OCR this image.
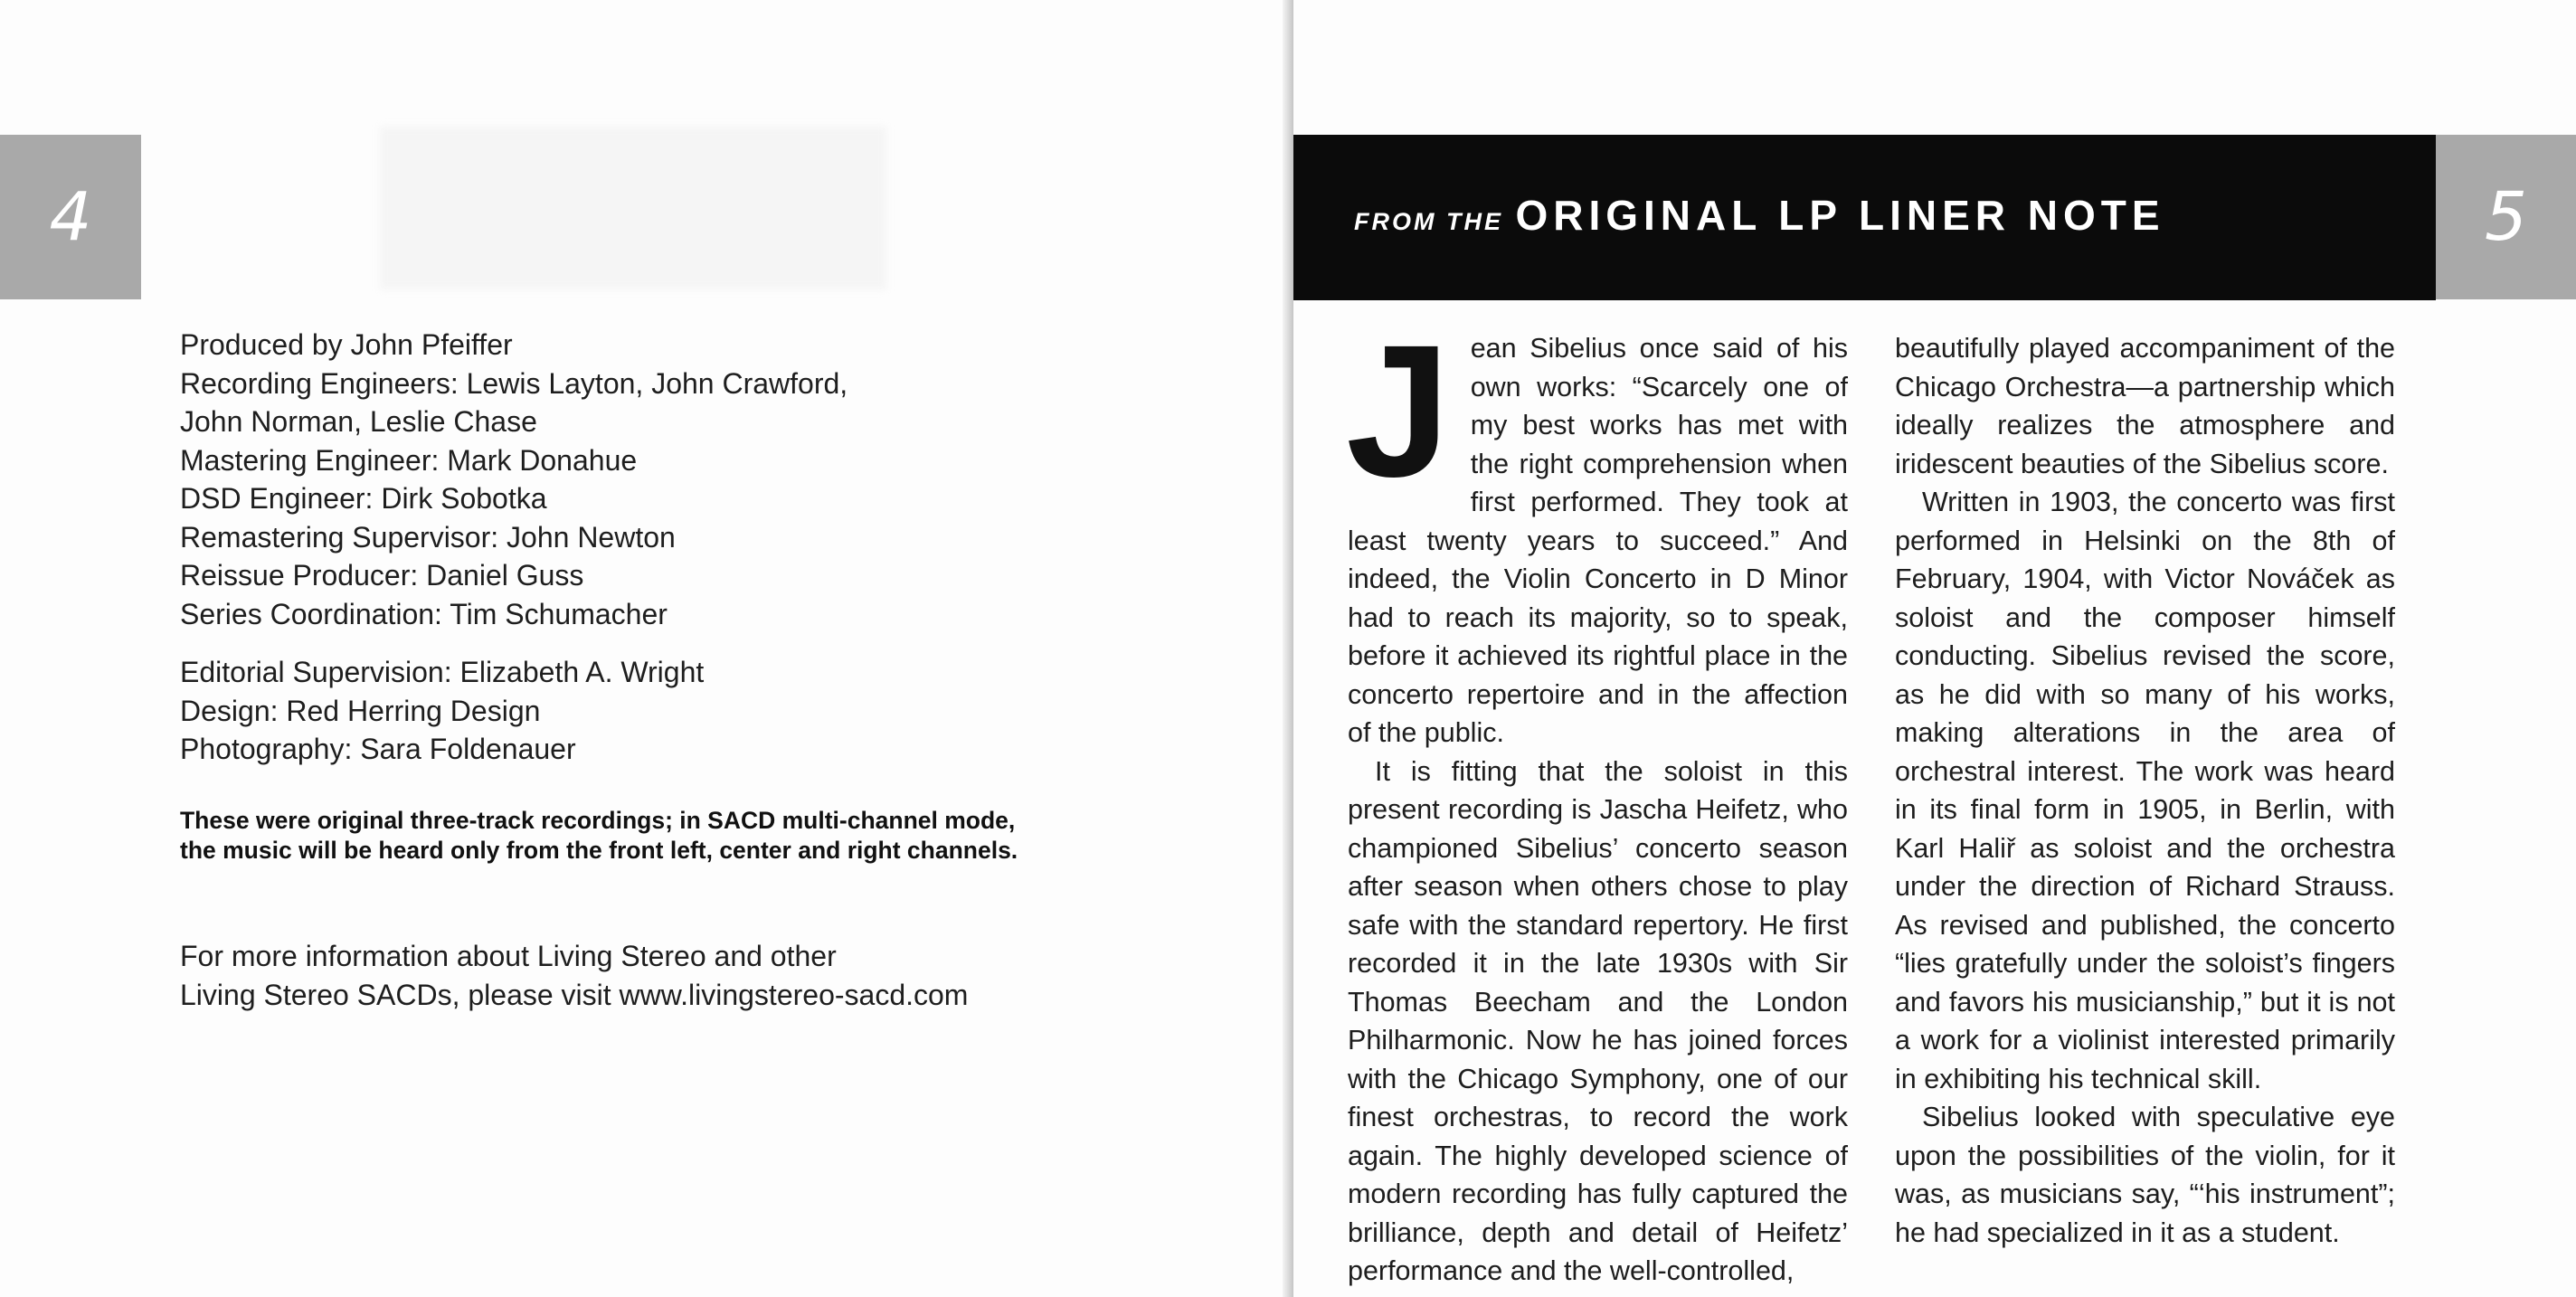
4
Produced by John Pfeiffer
Recording Engineers: Lewis Layton, John Crawford,
John Norman, Leslie Chase
Mastering Engineer: Mark Donahue
DSD Engineer: Dirk Sobotka
Remastering Supervisor: John Newton
Reissue Producer: Daniel Guss
Series Coordination: Tim Schumacher
Editorial Supervision: Elizabeth A. Wright
Design: Red Herring Design
Photography: Sara Foldenauer
These were original three-track recordings; in SACD multi-channel mode, the music will be heard only from the front left, center and right channels.
For more information about Living Stereo and other
Living Stereo SACDs, please visit www.livingstereo-sacd.com
FROM THE ORIGINAL LP LINER NOTE	5

Jean Sibelius once said of his own works: “Scarcely one of my best works has met with the right comprehension when first performed. They took at least twenty years to succeed.” And indeed, the Violin Concerto in D Minor had to reach its majority, so to speak, before it achieved its rightful place in the concerto repertoire and in the affection of the public.

It is fitting that the soloist in this present recording is Jascha Heifetz, who championed Sibelius’ concerto season after season when others chose to play safe with the standard repertory. He first recorded it in the late 1930s with Sir Thomas Beecham and the London Philharmonic. Now he has joined forces with the Chicago Symphony, one of our finest orchestras, to record the work again. The highly developed science of modern recording has fully captured the brilliance, depth and detail of Heifetz’ performance and the well-controlled,

beautifully played accompaniment of the Chicago Orchestra—a partnership which ideally realizes the atmosphere and iridescent beauties of the Sibelius score.

Written in 1903, the concerto was first performed in Helsinki on the 8th of February, 1904, with Victor Nováček as soloist and the composer himself conducting. Sibelius revised the score, as he did with so many of his works, making alterations in the area of orchestral interest. The work was heard in its final form in 1905, in Berlin, with Karl Haliř as soloist and the orchestra under the direction of Richard Strauss. As revised and published, the concerto “lies gratefully under the soloist’s fingers and favors his musicianship,” but it is not a work for a violinist interested primarily in exhibiting his technical skill.

Sibelius looked with speculative eye upon the possibilities of the violin, for it was, as musicians say, “‘his instrument”; he had specialized in it as a student.
